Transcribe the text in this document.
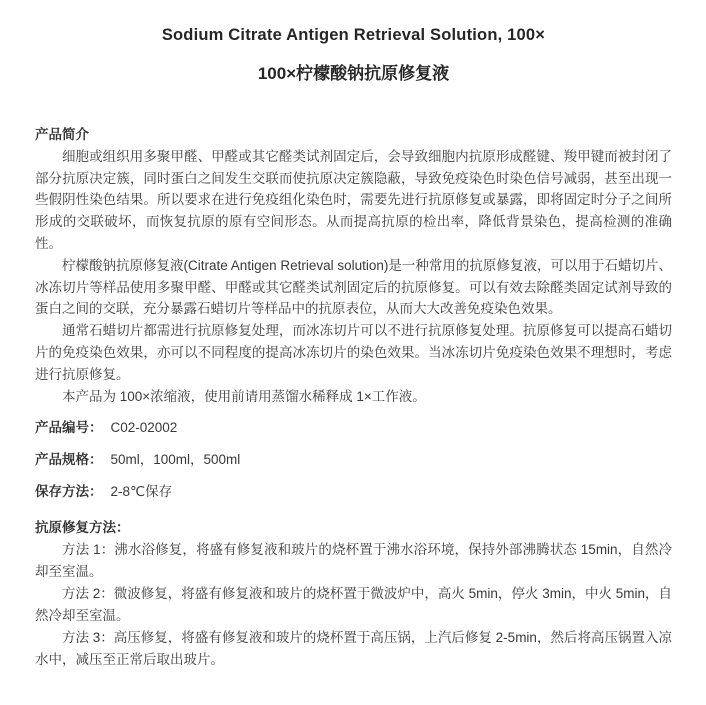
Sodium Citrate Antigen Retrieval Solution, 100×
100×柠檬酸钠抗原修复液
产品简介

细胞或组织用多聚甲醛、甲醛或其它醛类试剂固定后，会导致细胞内抗原形成醛键、羧甲键而被封闭了部分抗原决定簇，同时蛋白之间发生交联而使抗原决定簇隐蔽，导致免疫染色时染色信号减弱，甚至出现一些假阴性染色结果。所以要求在进行免疫组化染色时，需要先进行抗原修复或暴露，即将固定时分子之间所形成的交联破坏，而恢复抗原的原有空间形态。从而提高抗原的检出率，降低背景染色，提高检测的准确性。

柠檬酸钠抗原修复液(Citrate Antigen Retrieval solution)是一种常用的抗原修复液，可以用于石蜡切片、冰冻切片等样品使用多聚甲醛、甲醛或其它醛类试剂固定后的抗原修复。可以有效去除醛类固定试剂导致的蛋白之间的交联，充分暴露石蜡切片等样品中的抗原表位，从而大大改善免疫染色效果。

通常石蜡切片都需进行抗原修复处理，而冰冻切片可以不进行抗原修复处理。抗原修复可以提高石蜡切片的免疫染色效果，亦可以不同程度的提高冰冻切片的染色效果。当冰冻切片免疫染色效果不理想时，考虑进行抗原修复。

本产品为 100×浓缩液，使用前请用蒸馏水稀释成 1×工作液。

产品编号： C02-02002
产品规格： 50ml，100ml，500ml
保存方法： 2-8℃保存
抗原修复方法：

方法 1：沸水浴修复，将盛有修复液和玻片的烧杯置于沸水浴环境，保持外部沸腾状态 15min，自然冷却至室温。

方法 2：微波修复，将盛有修复液和玻片的烧杯置于微波炉中，高火 5min，停火 3min，中火 5min，自然冷却至室温。

方法 3：高压修复，将盛有修复液和玻片的烧杯置于高压锅，上汽后修复 2-5min，然后将高压锅置入凉水中，减压至正常后取出玻片。
